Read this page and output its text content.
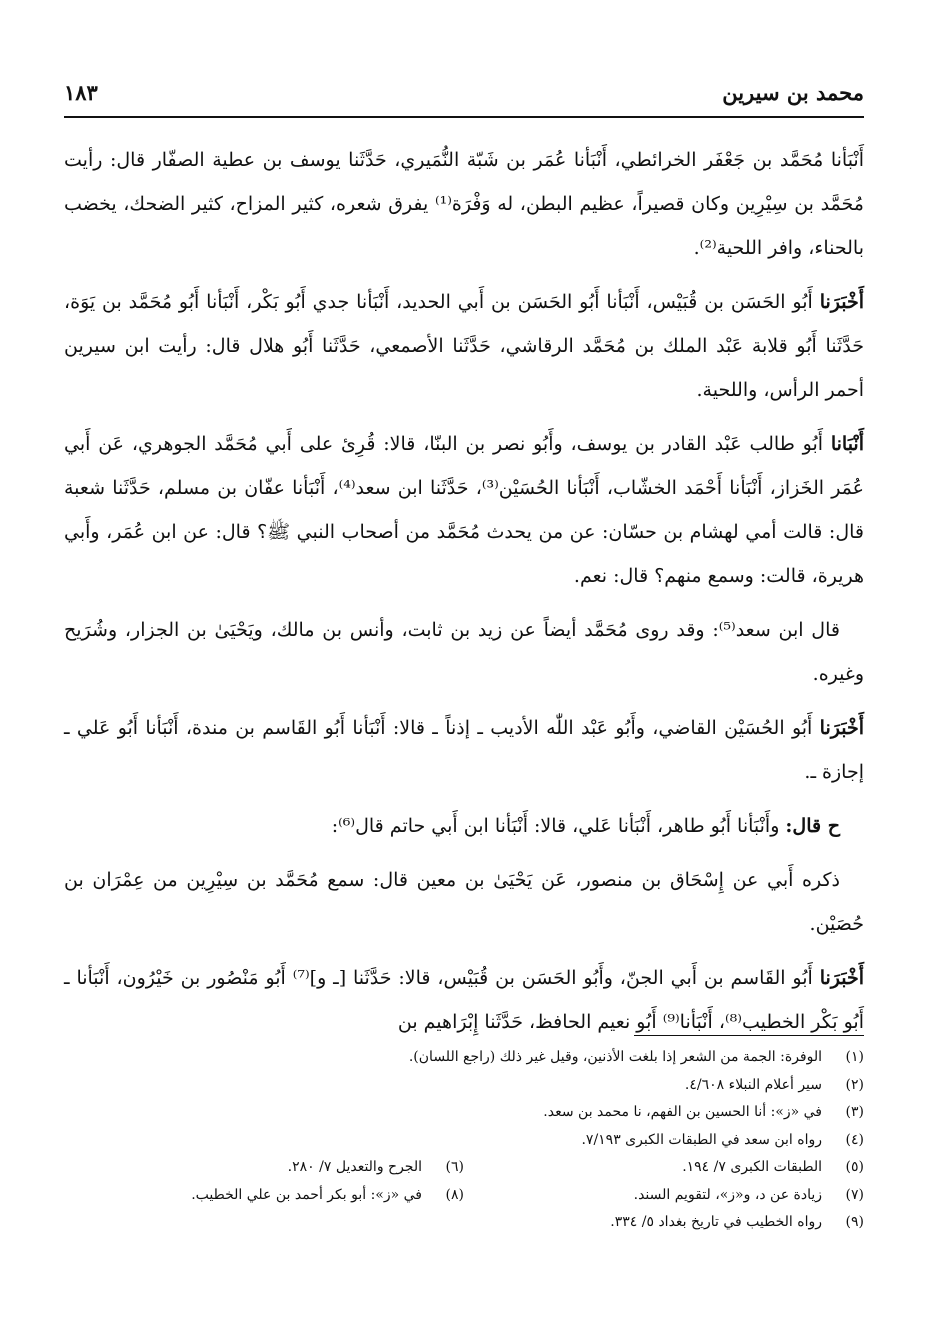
محمد بن سيرين
١٨٣

أَنْبَأنا مُحَمَّد بن جَعْفَر الخرائطي، أَنْبَأنا عُمَر بن شَبّة النُّمَيري، حَدَّثَنا يوسف بن عطية الصفّار قال: رأيت مُحَمَّد بن سِيْرِين وكان قصيراً، عظيم البطن، له وَفْرَة⁽¹⁾ يفرق شعره، كثير المزاح، كثير الضحك، يخضب بالحناء، وافر اللحية⁽²⁾.

أَخْبَرَنا أَبُو الحَسَن بن قُبَيْس، أَنْبَأنا أَبُو الحَسَن بن أَبي الحديد، أَنْبَأنا جدي أَبُو بَكْر، أَنْبَأنا أَبُو مُحَمَّد بن يَوَة، حَدَّثَنا أَبُو قلابة عَبْد الملك بن مُحَمَّد الرقاشي، حَدَّثَنا الأصمعي، حَدَّثَنا أَبُو هلال قال: رأيت ابن سيرين أحمر الرأس، واللحية.

أَنْبَانا أَبُو طالب عَبْد القادر بن يوسف، وأَبُو نصر بن البنّا، قالا: قُرِئ على أَبي مُحَمَّد الجوهري، عَن أَبي عُمَر الخَزاز، أَنْبَأنا أَحْمَد الخشّاب، أَنْبَأنا الحُسَيْن⁽³⁾، حَدَّثَنا ابن سعد⁽⁴⁾، أَنْبَأنا عفّان بن مسلم، حَدَّثَنا شعبة قال: قالت أمي لهشام بن حسّان: عن من يحدث مُحَمَّد من أصحاب النبي ﷺ؟ قال: عن ابن عُمَر، وأَبي هريرة، قالت: وسمع منهم؟ قال: نعم.

قال ابن سعد⁽⁵⁾: وقد روى مُحَمَّد أيضاً عن زيد بن ثابت، وأنس بن مالك، ويَحْيَىٰ بن الجزار، وشُرَيح وغيره.

أَخْبَرَنا أَبُو الحُسَيْن القاضي، وأَبُو عَبْد اللّٰه الأديب ـ إذناً ـ قالا: أَنْبَأنا أَبُو القَاسم بن مندة، أَنْبَأنا أَبُو عَلي ـ إجازة ـ.

ح قال: وأَنْبَأنا أَبُو طاهر، أَنْبَأنا عَلي، قالا: أَنْبَأنا ابن أَبي حاتم قال⁽⁶⁾:

ذكره أَبي عن إِسْحَاق بن منصور، عَن يَحْيَىٰ بن معين قال: سمع مُحَمَّد بن سِيْرِين من عِمْرَان بن حُصَيْن.

أَخْبَرَنا أَبُو القَاسم بن أَبي الجنّ، وأَبُو الحَسَن بن قُبَيْس، قالا: حَدَّثَنا [ـ و]⁽⁷⁾ أَبُو مَنْصُور بن خَيْرُون، أَنْبَأنا ـ أَبُو بَكْر الخطيب⁽⁸⁾، أَنْبَأنا⁽⁹⁾ أَبُو نعيم الحافظ، حَدَّثَنا إِبْرَاهيم بن

(١)
الوفرة: الجمة من الشعر إذا بلغت الأذنين، وقيل غير ذلك (راجع اللسان).
(٢)
سير أعلام النبلاء ٤/٦٠٨.
(٣)
في «ز»: أنا الحسين بن الفهم، نا محمد بن سعد.
(٤)
رواه ابن سعد في الطبقات الكبرى ٧/١٩٣.
(٥)
الطبقات الكبرى ٧/ ١٩٤.
(٦)
الجرح والتعديل ٧/ ٢٨٠.
(٧)
زيادة عن د، و«ز»، لتقويم السند.
(٨)
في «ز»: أبو بكر أحمد بن علي الخطيب.
(٩)
رواه الخطيب في تاريخ بغداد ٥/ ٣٣٤.
